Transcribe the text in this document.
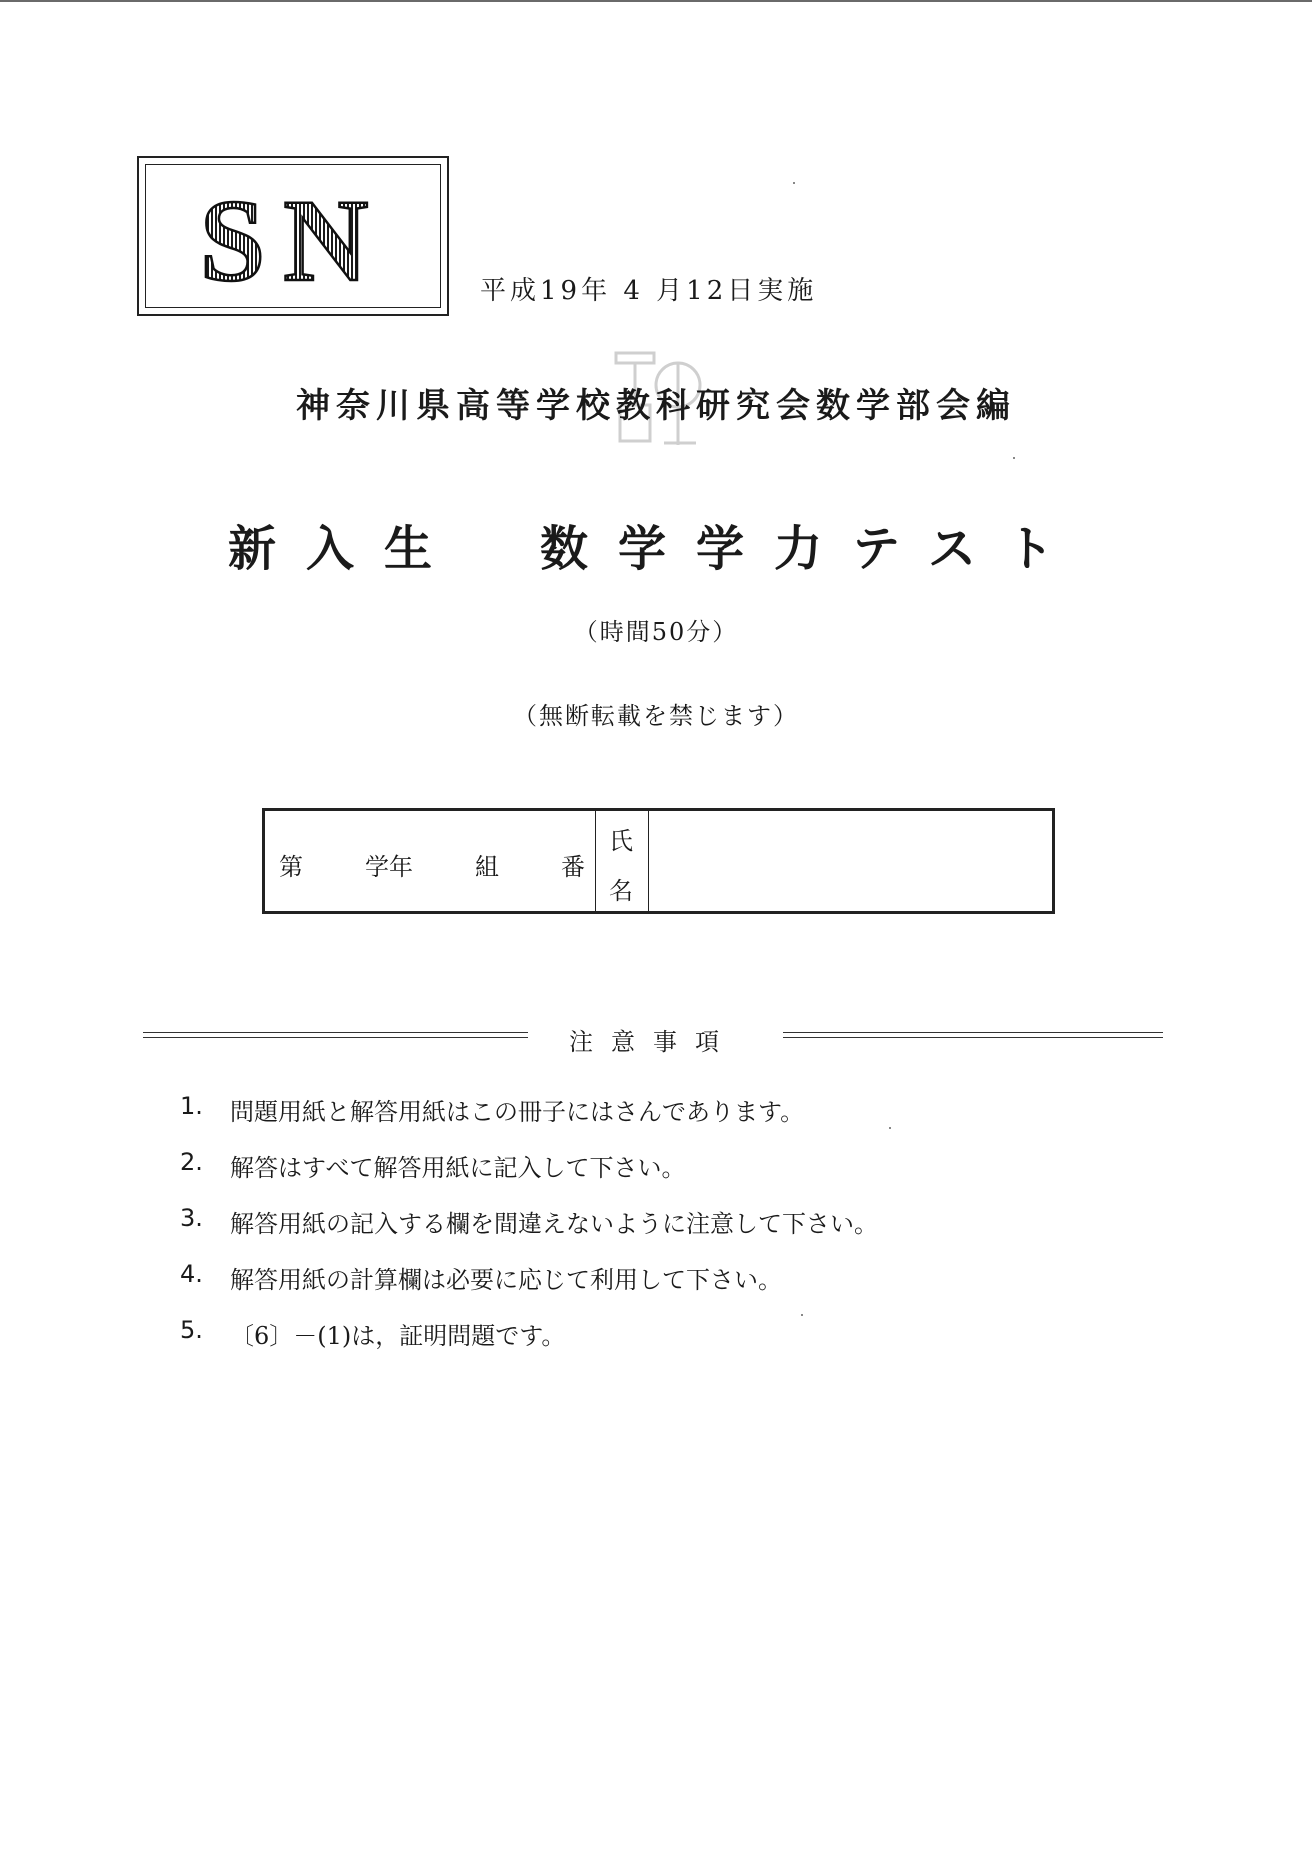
SN	平成19年 4 月12日実施
神奈川県高等学校教科研究会数学部会編
新入生　数学学力テスト
（時間50分）
（無断転載を禁じます）
第	学年	組	番
氏
名
注意事項
1.	問題用紙と解答用紙はこの冊子にはさんであります。
2.	解答はすべて解答用紙に記入して下さい。
3.	解答用紙の記入する欄を間違えないように注意して下さい。
4.	解答用紙の計算欄は必要に応じて利用して下さい。
5.	〔6〕－(1)は，証明問題です。
